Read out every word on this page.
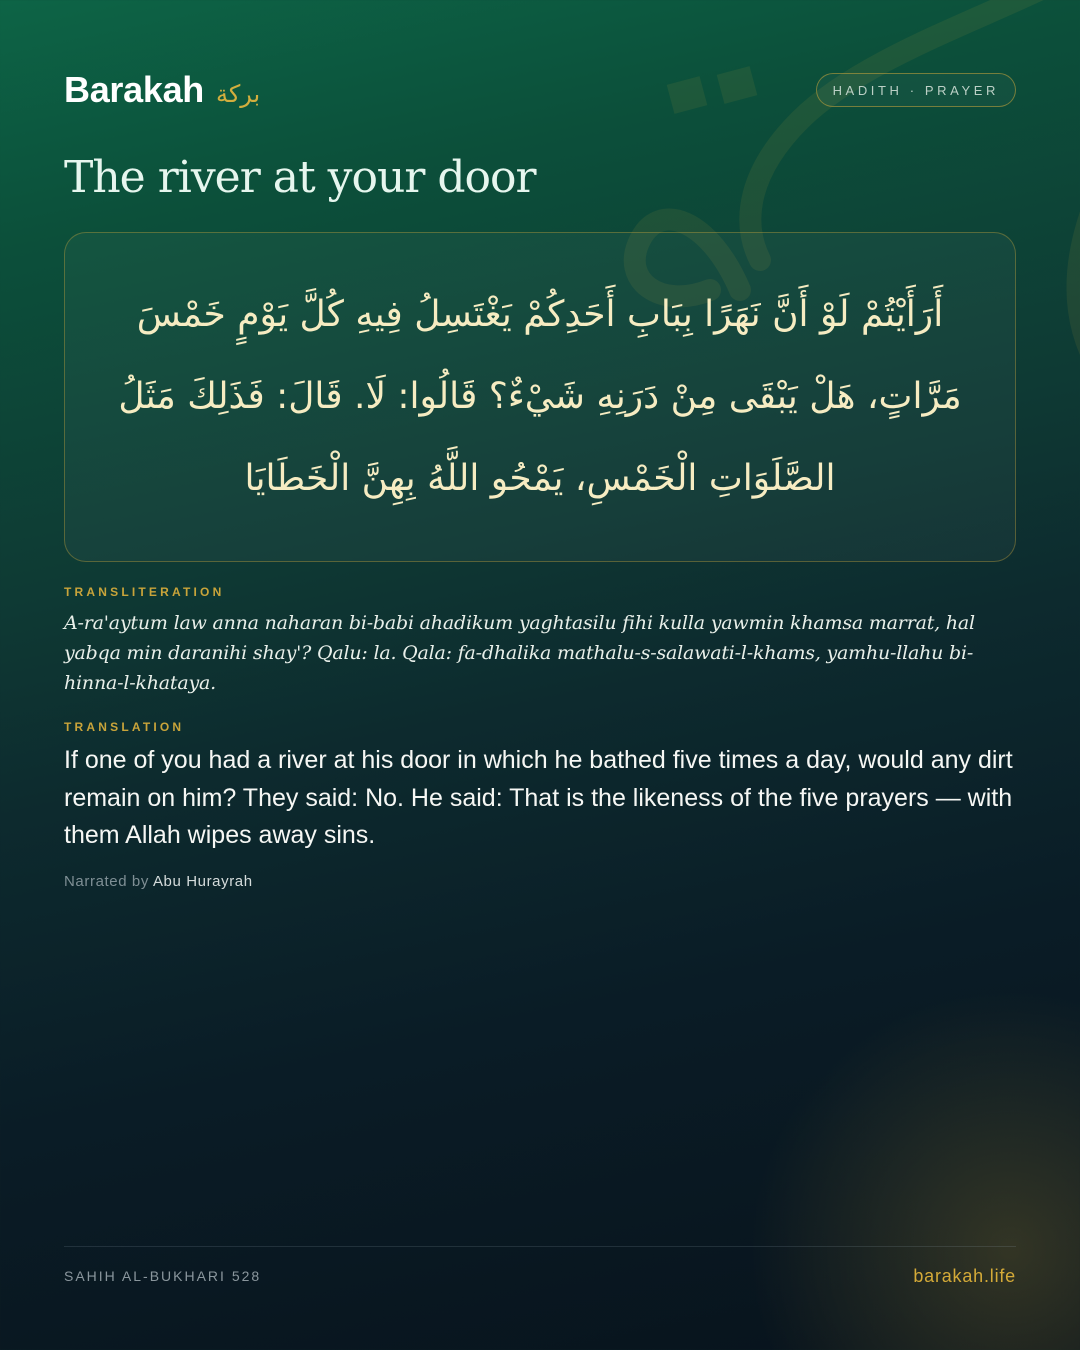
Barakah بركة	HADITH · PRAYER
The river at your door

أَرَأَيْتُمْ لَوْ أَنَّ نَهَرًا بِبَابِ أَحَدِكُمْ يَغْتَسِلُ فِيهِ كُلَّ يَوْمٍ خَمْسَ مَرَّاتٍ، هَلْ يَبْقَى مِنْ دَرَنِهِ شَيْءٌ؟ قَالُوا: لَا. قَالَ: فَذَلِكَ مَثَلُ الصَّلَوَاتِ الْخَمْسِ، يَمْحُو اللَّهُ بِهِنَّ الْخَطَايَا

TRANSLITERATION

A-ra'aytum law anna naharan bi-babi ahadikum yaghtasilu fihi kulla yawmin khamsa marrat, hal yabqa min daranihi shay'? Qalu: la. Qala: fa-dhalika mathalu-s-salawati-l-khams, yamhu-llahu bi-hinna-l-khataya.

TRANSLATION

If one of you had a river at his door in which he bathed five times a day, would any dirt remain on him? They said: No. He said: That is the likeness of the five prayers — with them Allah wipes away sins.

Narrated by Abu Hurayrah
SAHIH AL-BUKHARI 528	barakah.life
